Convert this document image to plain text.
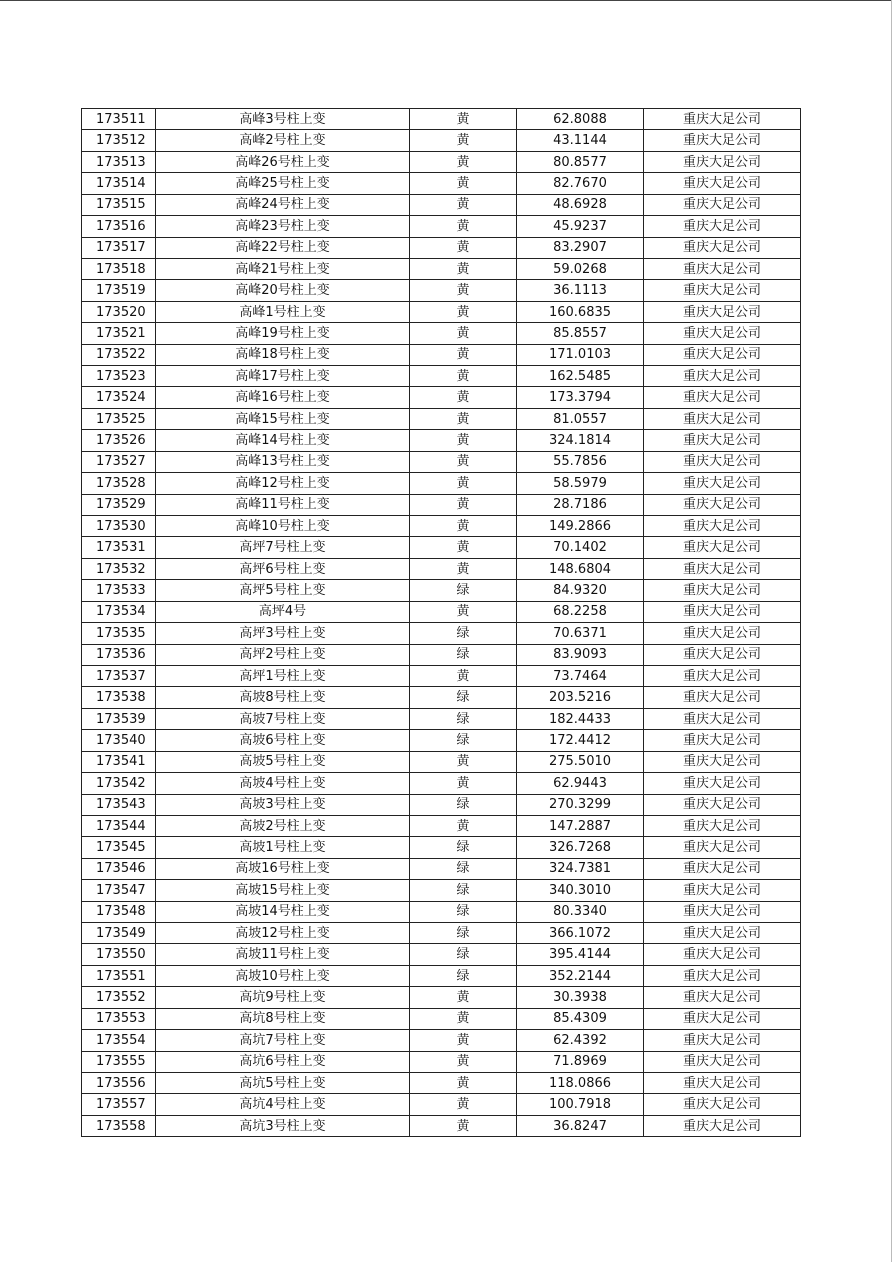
173511	高峰3号柱上变	黄	62.8088	重庆大足公司
173512	高峰2号柱上变	黄	43.1144	重庆大足公司
173513	高峰26号柱上变	黄	80.8577	重庆大足公司
173514	高峰25号柱上变	黄	82.7670	重庆大足公司
173515	高峰24号柱上变	黄	48.6928	重庆大足公司
173516	高峰23号柱上变	黄	45.9237	重庆大足公司
173517	高峰22号柱上变	黄	83.2907	重庆大足公司
173518	高峰21号柱上变	黄	59.0268	重庆大足公司
173519	高峰20号柱上变	黄	36.1113	重庆大足公司
173520	高峰1号柱上变	黄	160.6835	重庆大足公司
173521	高峰19号柱上变	黄	85.8557	重庆大足公司
173522	高峰18号柱上变	黄	171.0103	重庆大足公司
173523	高峰17号柱上变	黄	162.5485	重庆大足公司
173524	高峰16号柱上变	黄	173.3794	重庆大足公司
173525	高峰15号柱上变	黄	81.0557	重庆大足公司
173526	高峰14号柱上变	黄	324.1814	重庆大足公司
173527	高峰13号柱上变	黄	55.7856	重庆大足公司
173528	高峰12号柱上变	黄	58.5979	重庆大足公司
173529	高峰11号柱上变	黄	28.7186	重庆大足公司
173530	高峰10号柱上变	黄	149.2866	重庆大足公司
173531	高坪7号柱上变	黄	70.1402	重庆大足公司
173532	高坪6号柱上变	黄	148.6804	重庆大足公司
173533	高坪5号柱上变	绿	84.9320	重庆大足公司
173534	高坪4号	黄	68.2258	重庆大足公司
173535	高坪3号柱上变	绿	70.6371	重庆大足公司
173536	高坪2号柱上变	绿	83.9093	重庆大足公司
173537	高坪1号柱上变	黄	73.7464	重庆大足公司
173538	高坡8号柱上变	绿	203.5216	重庆大足公司
173539	高坡7号柱上变	绿	182.4433	重庆大足公司
173540	高坡6号柱上变	绿	172.4412	重庆大足公司
173541	高坡5号柱上变	黄	275.5010	重庆大足公司
173542	高坡4号柱上变	黄	62.9443	重庆大足公司
173543	高坡3号柱上变	绿	270.3299	重庆大足公司
173544	高坡2号柱上变	黄	147.2887	重庆大足公司
173545	高坡1号柱上变	绿	326.7268	重庆大足公司
173546	高坡16号柱上变	绿	324.7381	重庆大足公司
173547	高坡15号柱上变	绿	340.3010	重庆大足公司
173548	高坡14号柱上变	绿	80.3340	重庆大足公司
173549	高坡12号柱上变	绿	366.1072	重庆大足公司
173550	高坡11号柱上变	绿	395.4144	重庆大足公司
173551	高坡10号柱上变	绿	352.2144	重庆大足公司
173552	高坑9号柱上变	黄	30.3938	重庆大足公司
173553	高坑8号柱上变	黄	85.4309	重庆大足公司
173554	高坑7号柱上变	黄	62.4392	重庆大足公司
173555	高坑6号柱上变	黄	71.8969	重庆大足公司
173556	高坑5号柱上变	黄	118.0866	重庆大足公司
173557	高坑4号柱上变	黄	100.7918	重庆大足公司
173558	高坑3号柱上变	黄	36.8247	重庆大足公司
